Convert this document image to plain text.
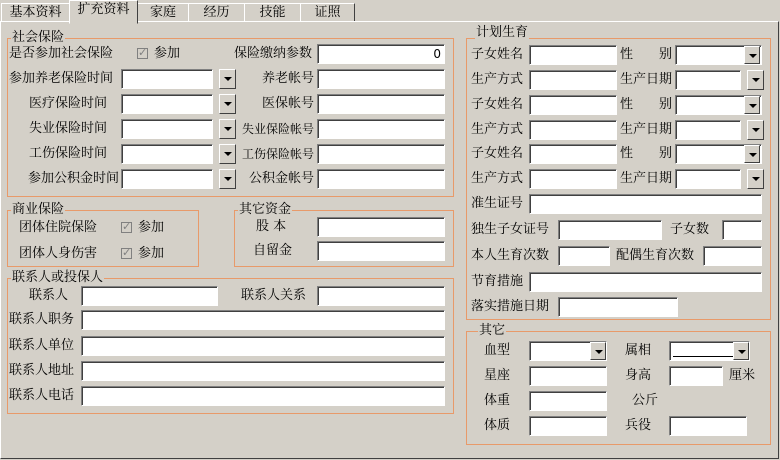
基本资料	扩充资料	家庭	经历	技能	证照
社会保险
是否参加社会保险 ✓	参加	保险缴纳参数	0
参加养老保险时间	养老帐号
医疗保险时间	医保帐号
失业保险时间	失业保险帐号
工伤保险时间	工伤保险帐号
参加公积金时间	公积金帐号
商业保险
团体住院保险 ✓	参加
团体人身伤害 ✓	参加
其它资金
股 本
自留金
联系人或投保人
联系人	联系人关系
联系人职务
联系人单位
联系人地址
联系人电话
计划生育
子女姓名	性　　别
生产方式	生产日期
子女姓名	性　　别
生产方式	生产日期
子女姓名	性　　别
生产方式	生产日期
准生证号
独生子女证号	子女数
本人生育次数	配偶生育次数
节育措施
落实措施日期
其它
血型	属相
星座	身高	厘米
体重	公斤
体质	兵役
